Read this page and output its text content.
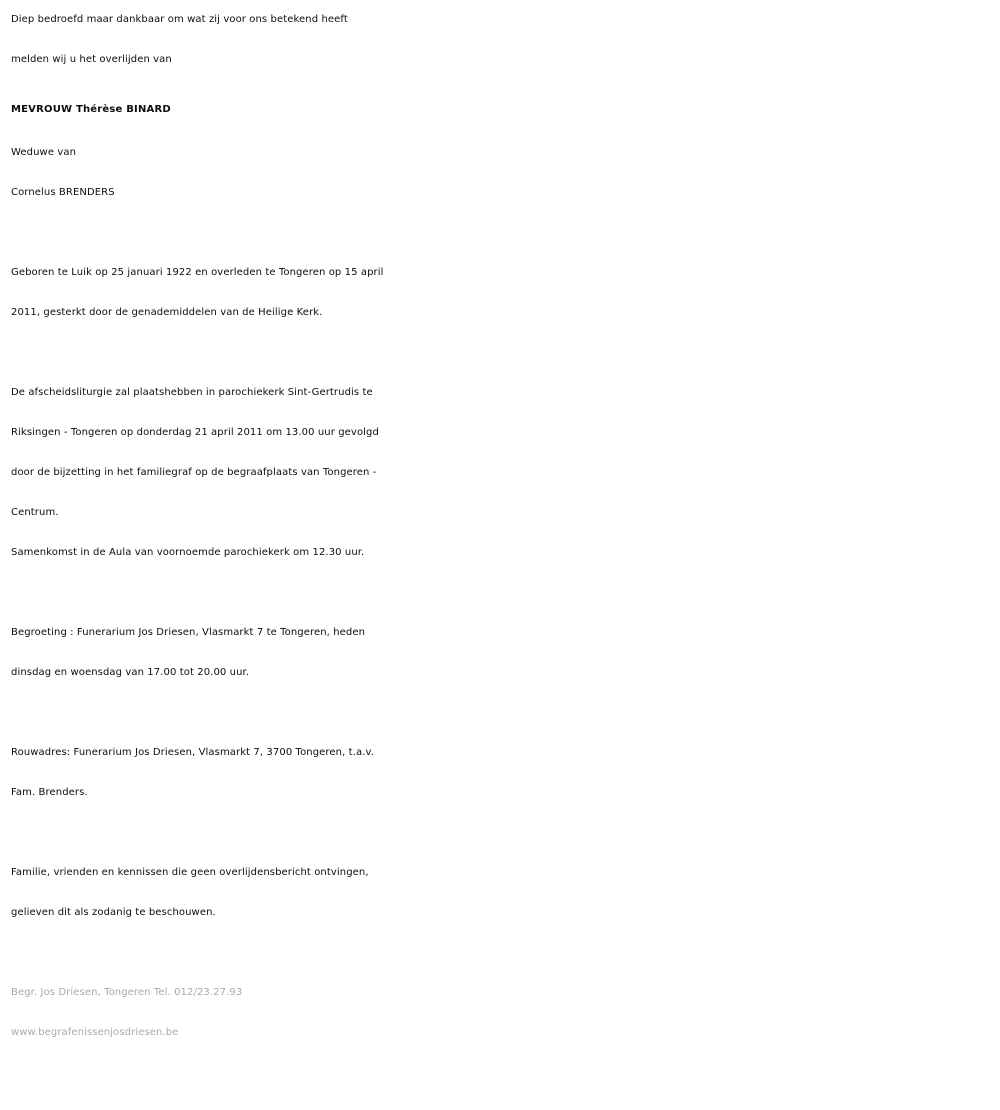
Diep bedroefd maar dankbaar om wat zij voor ons betekend heeft
melden wij u het overlijden van
MEVROUW Thérèse BINARD
Weduwe van
Cornelus BRENDERS
Geboren te Luik op 25 januari 1922 en overleden te Tongeren op 15 april
2011, gesterkt door de genademiddelen van de Heilige Kerk.
De afscheidsliturgie zal plaatshebben in parochiekerk Sint-Gertrudis te
Riksingen - Tongeren op donderdag 21 april 2011 om 13.00 uur gevolgd
door de bijzetting in het familiegraf op de begraafplaats van Tongeren -
Centrum.
Samenkomst in de Aula van voornoemde parochiekerk om 12.30 uur.
Begroeting : Funerarium Jos Driesen, Vlasmarkt 7 te Tongeren, heden
dinsdag en woensdag van 17.00 tot 20.00 uur.
Rouwadres: Funerarium Jos Driesen, Vlasmarkt 7, 3700 Tongeren, t.a.v.
Fam. Brenders.
Familie, vrienden en kennissen die geen overlijdensbericht ontvingen,
gelieven dit als zodanig te beschouwen.
Begr. Jos Driesen, Tongeren Tel. 012/23.27.93
www.begrafenissenjosdriesen.be
